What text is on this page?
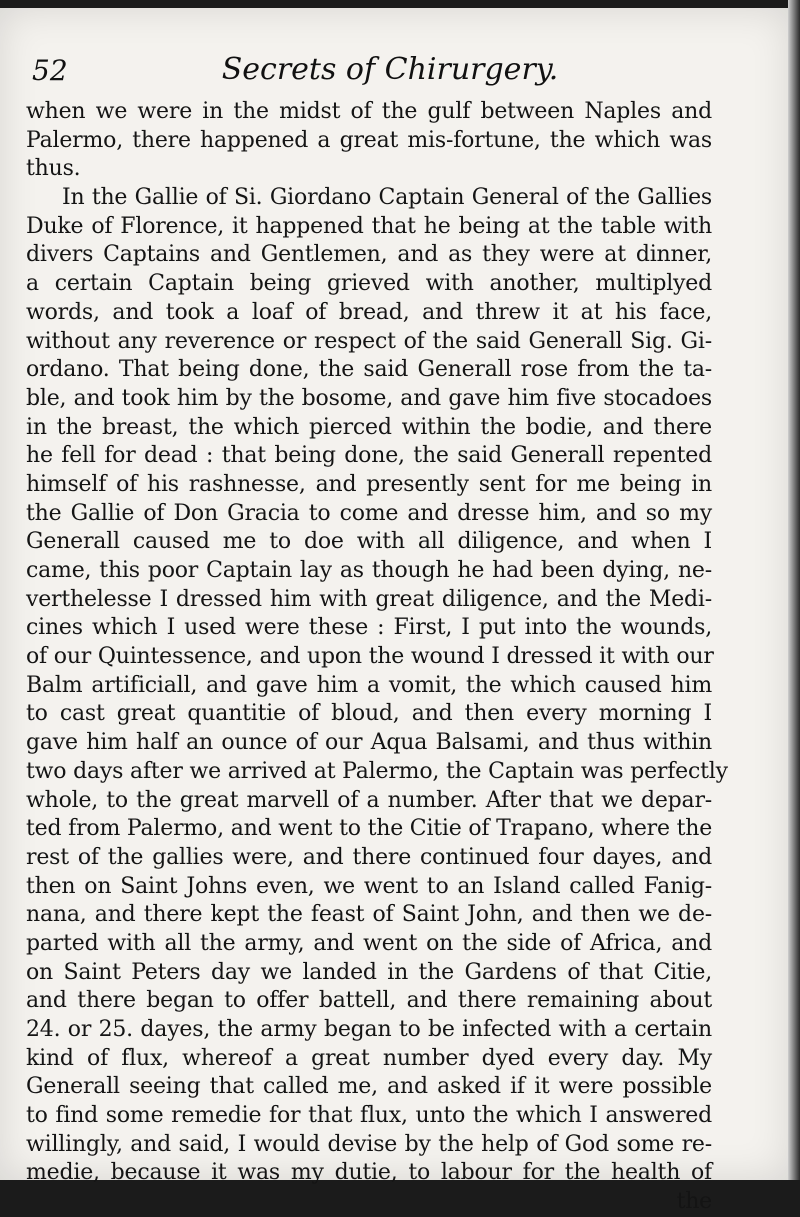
52	Secrets of Chirurgery.
when we were in the midst of the gulf between Naples and
Palermo, there happened a great mis-fortune, the which was
thus.
In the Gallie of Si. Giordano Captain General of the Gallies
Duke of Florence, it happened that he being at the table with
divers Captains and Gentlemen, and as they were at dinner,
a certain Captain being grieved with another, multiplyed
words, and took a loaf of bread, and threw it at his face,
without any reverence or respect of the said Generall Sig. Gi-
ordano. That being done, the said Generall rose from the ta-
ble, and took him by the bosome, and gave him five stocadoes
in the breast, the which pierced within the bodie, and there
he fell for dead : that being done, the said Generall repented
himself of his rashnesse, and presently sent for me being in
the Gallie of Don Gracia to come and dresse him, and so my
Generall caused me to doe with all diligence, and when I
came, this poor Captain lay as though he had been dying, ne-
verthelesse I dressed him with great diligence, and the Medi-
cines which I used were these : First, I put into the wounds,
of our Quintessence, and upon the wound I dressed it with our
Balm artificiall, and gave him a vomit, the which caused him
to cast great quantitie of bloud, and then every morning I
gave him half an ounce of our Aqua Balsami, and thus within
two days after we arrived at Palermo, the Captain was perfectly
whole, to the great marvell of a number. After that we depar-
ted from Palermo, and went to the Citie of Trapano, where the
rest of the gallies were, and there continued four dayes, and
then on Saint Johns even, we went to an Island called Fanig-
nana, and there kept the feast of Saint John, and then we de-
parted with all the army, and went on the side of Africa, and
on Saint Peters day we landed in the Gardens of that Citie,
and there began to offer battell, and there remaining about
24. or 25. dayes, the army began to be infected with a certain
kind of flux, whereof a great number dyed every day. My
Generall seeing that called me, and asked if it were possible
to find some remedie for that flux, unto the which I answered
willingly, and said, I would devise by the help of God some re-
medie, because it was my dutie, to labour for the health of
the
